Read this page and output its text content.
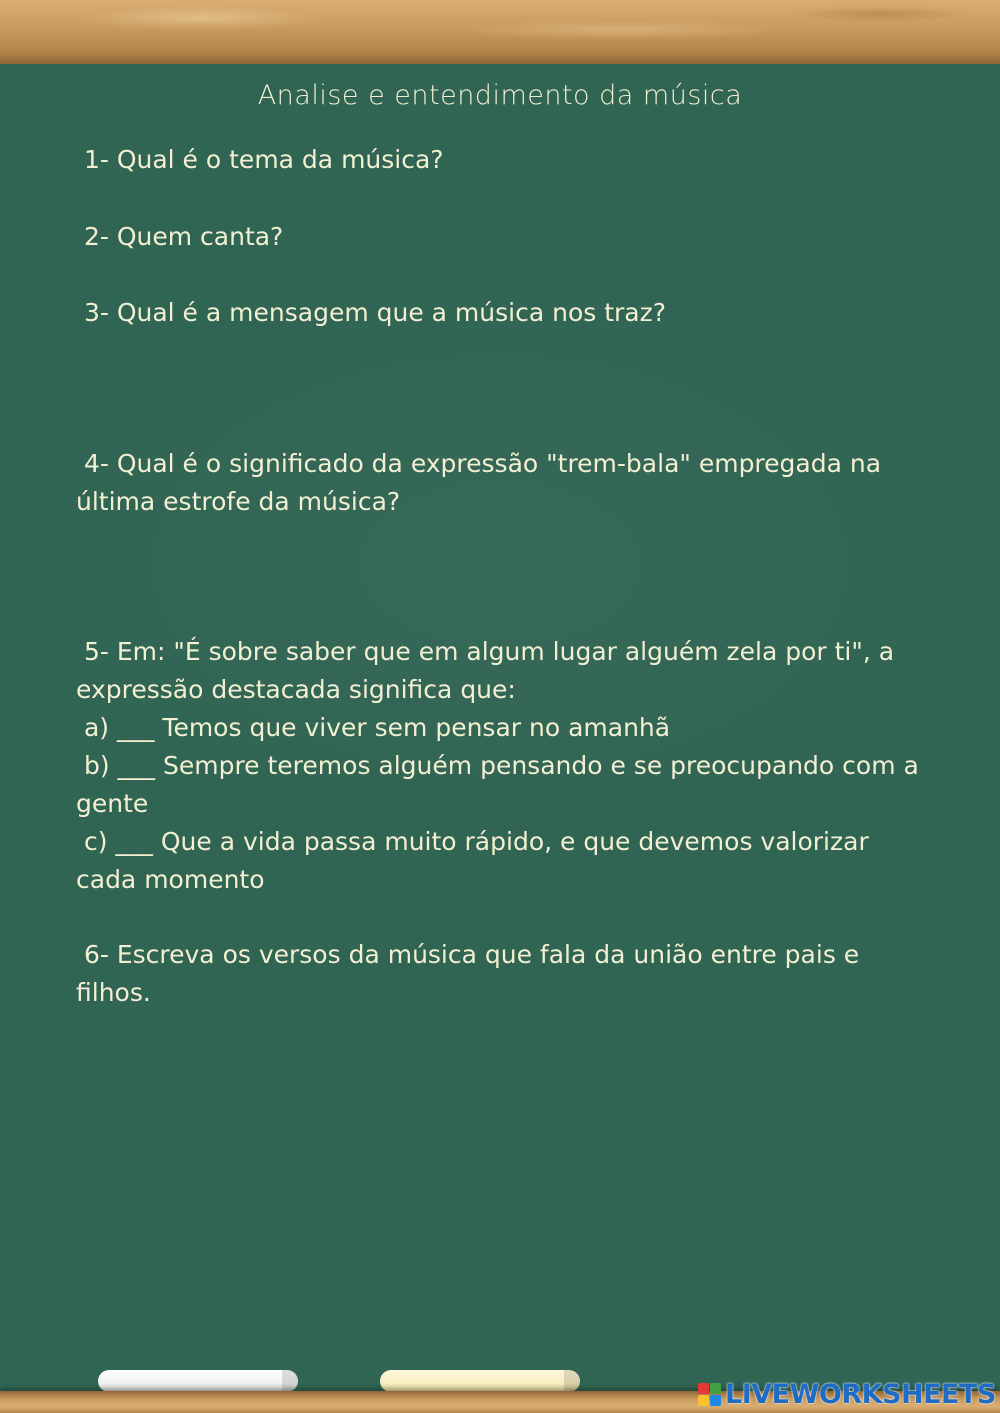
Analise e entendimento da música
1- Qual é o tema da música?
2- Quem canta?
3- Qual é a mensagem que a música nos traz?
4- Qual é o significado da expressão "trem-bala" empregada na última estrofe da música?
5- Em: "É sobre saber que em algum lugar alguém zela por ti", a expressão destacada significa que:
a) ___ Temos que viver sem pensar no amanhã
b) ___ Sempre teremos alguém pensando e se preocupando com a gente
c) ___ Que a vida passa muito rápido, e que devemos valorizar cada momento
6- Escreva os versos da música que fala da união entre pais e filhos.
LIVEWORKSHEETS
